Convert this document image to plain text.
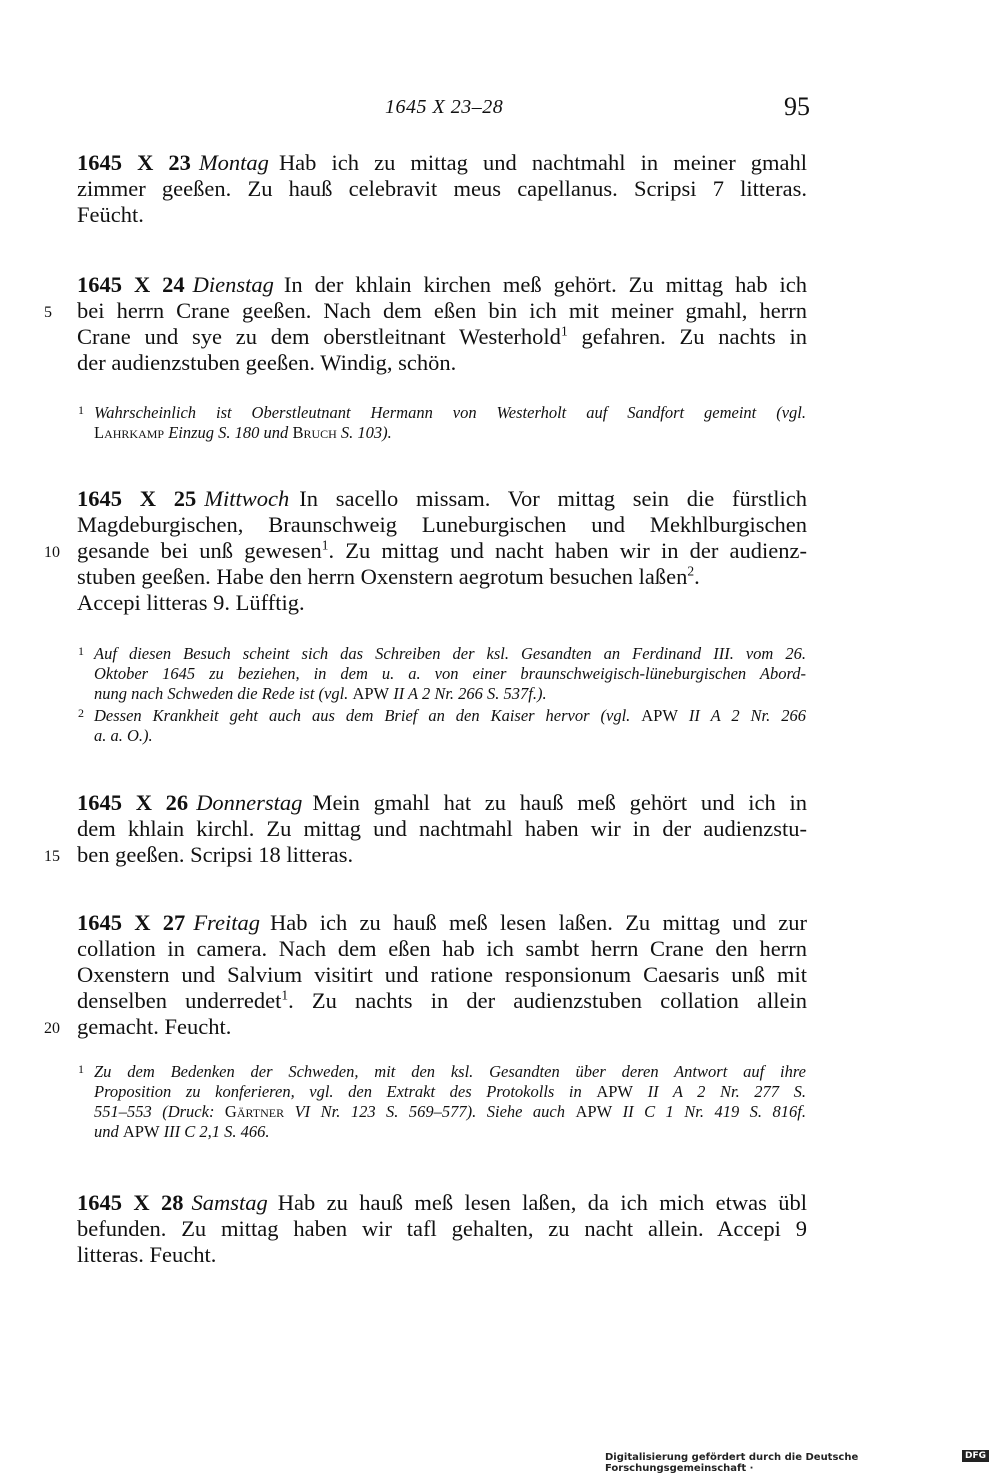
1645 X 23–28	95
1645 X 23 Montag Hab ich zu mittag und nachtmahl in meiner gmahl
zimmer geeßen. Zu hauß celebravit meus capellanus. Scripsi 7 litteras.
Feücht.
1645 X 24 Dienstag In der khlain kirchen meß gehört. Zu mittag hab ich
5 bei herrn Crane geeßen. Nach dem eßen bin ich mit meiner gmahl, herrn
Crane und sye zu dem oberstleitnant Westerhold$^1$ gefahren. Zu nachts in
der audienzstuben geeßen. Windig, schön.
1 Wahrscheinlich ist Oberstleutnant Hermann von Westerholt auf Sandfort gemeint (vgl.
Lahrkamp Einzug S. 180 und Bruch S. 103).
1645 X 25 Mittwoch In sacello missam. Vor mittag sein die fürstlich
Magdeburgischen, Braunschweig Luneburgischen und Mekhlburgischen
10 gesande bei unß gewesen$^1$. Zu mittag und nacht haben wir in der audienz-
stuben geeßen. Habe den herrn Oxenstern aegrotum besuchen laßen$^2$.
Accepi litteras 9. Lüfftig.
1 Auf diesen Besuch scheint sich das Schreiben der ksl. Gesandten an Ferdinand III. vom 26.
Oktober 1645 zu beziehen, in dem u. a. von einer braunschweigisch-lüneburgischen Abord-
nung nach Schweden die Rede ist (vgl. APW II A 2 Nr. 266 S. 537f.).
2 Dessen Krankheit geht auch aus dem Brief an den Kaiser hervor (vgl. APW II A 2 Nr. 266
a. a. O.).
1645 X 26 Donnerstag Mein gmahl hat zu hauß meß gehört und ich in
dem khlain kirchl. Zu mittag und nachtmahl haben wir in der audienzstu-
15 ben geeßen. Scripsi 18 litteras.
1645 X 27 Freitag Hab ich zu hauß meß lesen laßen. Zu mittag und zur
collation in camera. Nach dem eßen hab ich sambt herrn Crane den herrn
Oxenstern und Salvium visitirt und ratione responsionum Caesaris unß mit
denselben underredet$^1$. Zu nachts in der audienzstuben collation allein
20 gemacht. Feucht.
1 Zu dem Bedenken der Schweden, mit den ksl. Gesandten über deren Antwort auf ihre
Proposition zu konferieren, vgl. den Extrakt des Protokolls in APW II A 2 Nr. 277 S.
551–553 (Druck: Gärtner VI Nr. 123 S. 569–577). Siehe auch APW II C 1 Nr. 419 S. 816f.
und APW III C 2,1 S. 466.
1645 X 28 Samstag Hab zu hauß meß lesen laßen, da ich mich etwas übl
befunden. Zu mittag haben wir tafl gehalten, zu nacht allein. Accepi 9
litteras. Feucht.
Digitalisierung gefördert durch die Deutsche Forschungsgemeinschaft ·
DFG
